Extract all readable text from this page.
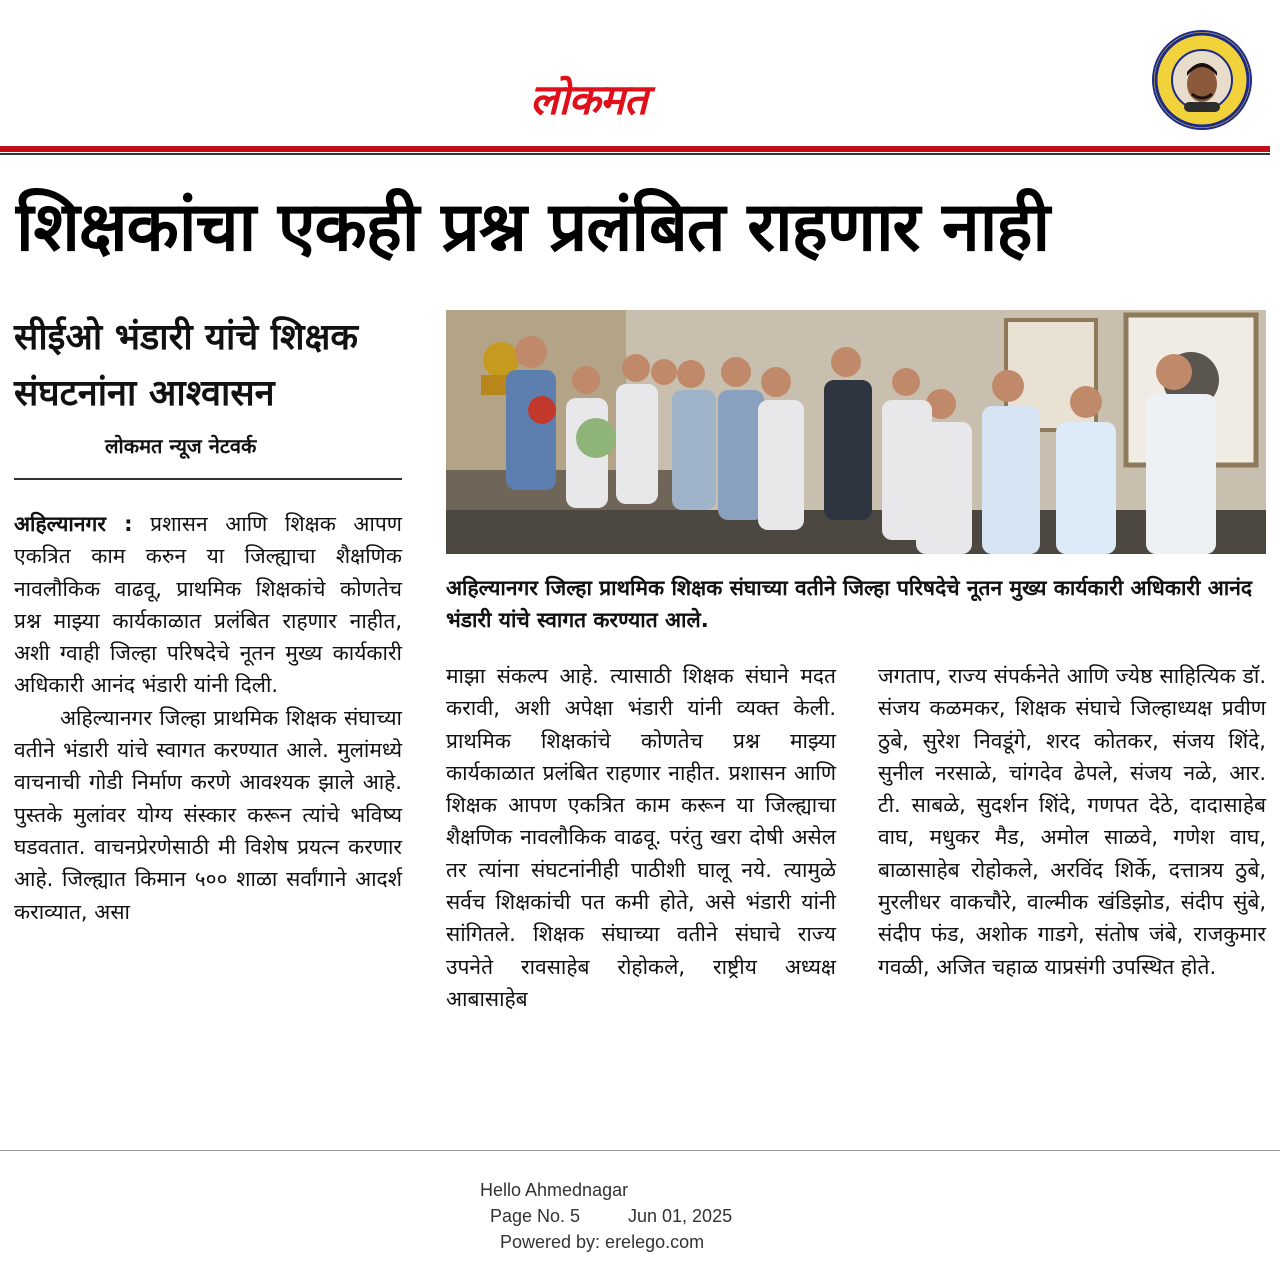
लोकमत
शिक्षकांचा एकही प्रश्न प्रलंबित राहणार नाही
सीईओ भंडारी यांचे शिक्षक संघटनांना आश्वासन
लोकमत न्यूज नेटवर्क

अहिल्यानगर : प्रशासन आणि शिक्षक आपण एकत्रित काम करुन या जिल्ह्याचा शैक्षणिक नावलौकिक वाढवू, प्राथमिक शिक्षकांचे कोणतेच प्रश्न माझ्या कार्यकाळात प्रलंबित राहणार नाहीत, अशी ग्वाही जिल्हा परिषदेचे नूतन मुख्य कार्यकारी अधिकारी आनंद भंडारी यांनी दिली.

अहिल्यानगर जिल्हा प्राथमिक शिक्षक संघाच्या वतीने भंडारी यांचे स्वागत करण्यात आले. मुलांमध्ये वाचनाची गोडी निर्माण करणे आवश्यक झाले आहे. पुस्तके मुलांवर योग्य संस्कार करून त्यांचे भविष्य घडवतात. वाचनप्रेरणेसाठी मी विशेष प्रयत्न करणार आहे. जिल्ह्यात किमान ५०० शाळा सर्वांगाने आदर्श कराव्यात, असा

अहिल्यानगर जिल्हा प्राथमिक शिक्षक संघाच्या वतीने जिल्हा परिषदेचे नूतन मुख्य कार्यकारी अधिकारी आनंद भंडारी यांचे स्वागत करण्यात आले.

माझा संकल्प आहे. त्यासाठी शिक्षक संघाने मदत करावी, अशी अपेक्षा भंडारी यांनी व्यक्त केली. प्राथमिक शिक्षकांचे कोणतेच प्रश्न माझ्या कार्यकाळात प्रलंबित राहणार नाहीत. प्रशासन आणि शिक्षक आपण एकत्रित काम करून या जिल्ह्याचा शैक्षणिक नावलौकिक वाढवू. परंतु खरा दोषी असेल तर त्यांना संघटनांनीही पाठीशी घालू नये. त्यामुळे सर्वच शिक्षकांची पत कमी होते, असे भंडारी यांनी सांगितले. शिक्षक संघाच्या वतीने संघाचे राज्य उपनेते रावसाहेब रोहोकले, राष्ट्रीय अध्यक्ष आबासाहेब

जगताप, राज्य संपर्कनेते आणि ज्येष्ठ साहित्यिक डॉ. संजय कळमकर, शिक्षक संघाचे जिल्हाध्यक्ष प्रवीण ठुबे, सुरेश निवडूंगे, शरद कोतकर, संजय शिंदे, सुनील नरसाळे, चांगदेव ढेपले, संजय नळे, आर. टी. साबळे, सुदर्शन शिंदे, गणपत देठे, दादासाहेब वाघ, मधुकर मैड, अमोल साळवे, गणेश वाघ, बाळासाहेब रोहोकले, अरविंद शिर्के, दत्तात्रय ठुबे, मुरलीधर वाकचौरे, वाल्मीक खंडिझोड, संदीप सुंबे, संदीप फंड, अशोक गाडगे, संतोष जंबे, राजकुमार गवळी, अजित चहाळ याप्रसंगी उपस्थित होते.

Hello Ahmednagar
Page No. 5	Jun 01, 2025
Powered by: erelego.com
